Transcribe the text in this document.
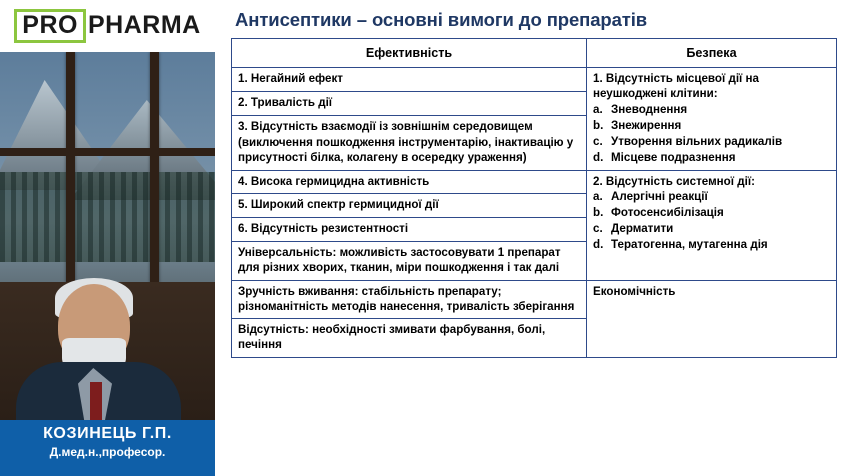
PRO PHARMA
КОЗИНЕЦЬ Г.П.
Д.мед.н.,професор.
Антисептики – основні вимоги до препаратів
Ефективність	Безпека
1. Негайний ефект	1. Відсутність місцевої дії на неушкоджені клітини:
a. Зневоднення
b. Знежирення
c. Утворення вільних радикалів
d. Місцеве подразнення

2. Тривалість дії	

3. Відсутність взаємодії із зовнішнім середовищем
(виключення пошкодження інструментарію, інактивацію у присутності білка, колагену в осередку ураження)	

4. Висока гермицидна активність	2. Відсутність системної дії:
a. Алергічні реакції
b. Фотосенсибілізація
c. Дерматити
d. Тератогенна, мутагенна дія

5. Широкий спектр гермицидної дії	
6. Відсутність резистентності	
Універсальність: можливість застосовувати 1 препарат для різних хворих, тканин, міри пошкодження і так далі	
Зручність вживання: стабільність препарату; різноманітність методів нанесення, тривалість зберігання	Економічність
Відсутність: необхідності змивати фарбування, болі, печіння	
